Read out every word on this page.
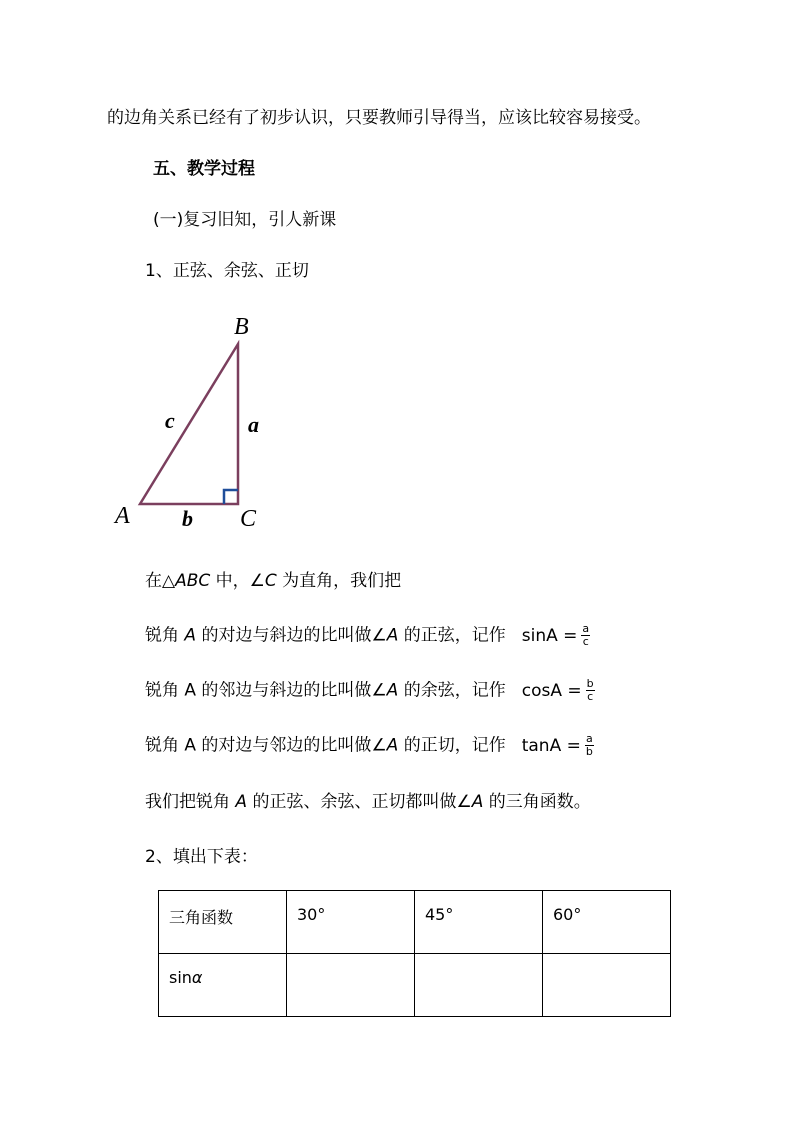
的边角关系已经有了初步认识，只要教师引导得当，应该比较容易接受。
五、教学过程
(一)复习旧知，引人新课
1、正弦、余弦、正切
B
A	C
c	a
b
在△ABC 中，∠C 为直角，我们把
锐角 A 的对边与斜边的比叫做∠A 的正弦，记作 $\sin A = \frac{a}{c}$
锐角 A 的邻边与斜边的比叫做∠A 的余弦，记作 $\cos A = \frac{b}{c}$
锐角 A 的对边与邻边的比叫做∠A 的正切，记作 $\tan A = \frac{a}{b}$
我们把锐角 A 的正弦、余弦、正切都叫做∠A 的三角函数。
2、填出下表：
三角函数	30°	45°	60°
sinα			
